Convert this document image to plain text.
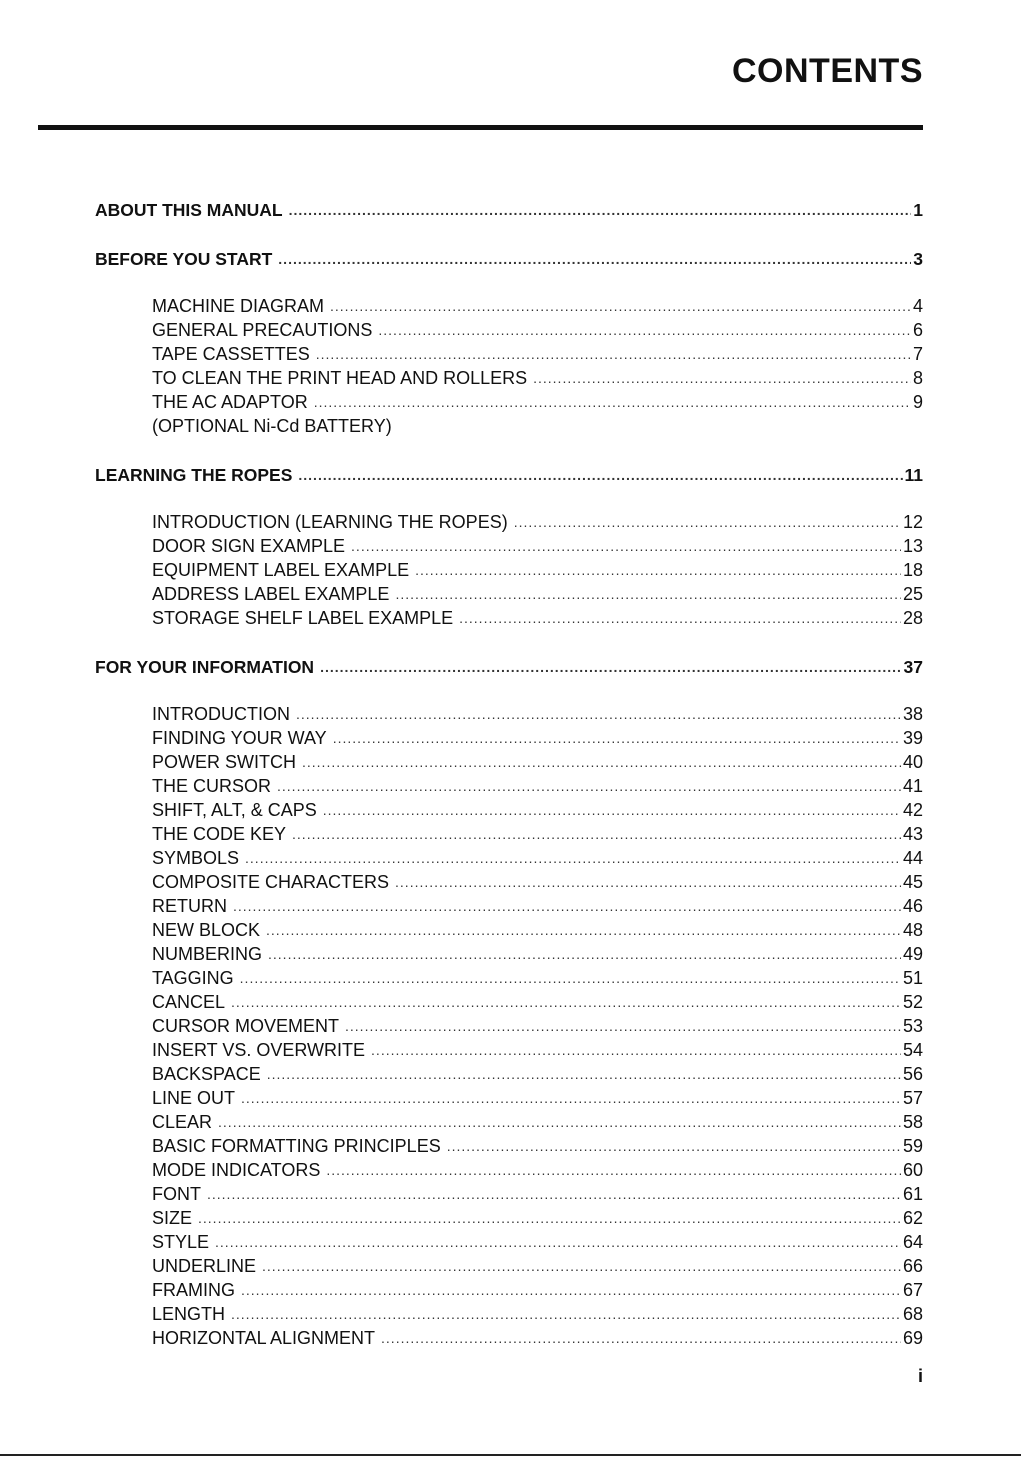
CONTENTS
ABOUT THIS MANUAL .....	1
BEFORE YOU START .....	3
MACHINE DIAGRAM .....	4
GENERAL PRECAUTIONS .....	6
TAPE CASSETTES .....	7
TO CLEAN THE PRINT HEAD AND ROLLERS .....	8
THE AC ADAPTOR .....	9
(OPTIONAL Ni-Cd BATTERY)
LEARNING THE ROPES .....	11
INTRODUCTION (LEARNING THE ROPES) .....	12
DOOR SIGN EXAMPLE .....	13
EQUIPMENT LABEL EXAMPLE .....	18
ADDRESS LABEL EXAMPLE .....	25
STORAGE SHELF LABEL EXAMPLE .....	28
FOR YOUR INFORMATION .....	37
INTRODUCTION .....	38
FINDING YOUR WAY .....	39
POWER SWITCH .....	40
THE CURSOR .....	41
SHIFT, ALT, & CAPS .....	42
THE CODE KEY .....	43
SYMBOLS .....	44
COMPOSITE CHARACTERS .....	45
RETURN .....	46
NEW BLOCK .....	48
NUMBERING .....	49
TAGGING .....	51
CANCEL .....	52
CURSOR MOVEMENT .....	53
INSERT VS. OVERWRITE .....	54
BACKSPACE .....	56
LINE OUT .....	57
CLEAR .....	58
BASIC FORMATTING PRINCIPLES .....	59
MODE INDICATORS .....	60
FONT .....	61
SIZE .....	62
STYLE .....	64
UNDERLINE .....	66
FRAMING .....	67
LENGTH .....	68
HORIZONTAL ALIGNMENT .....	69
i
